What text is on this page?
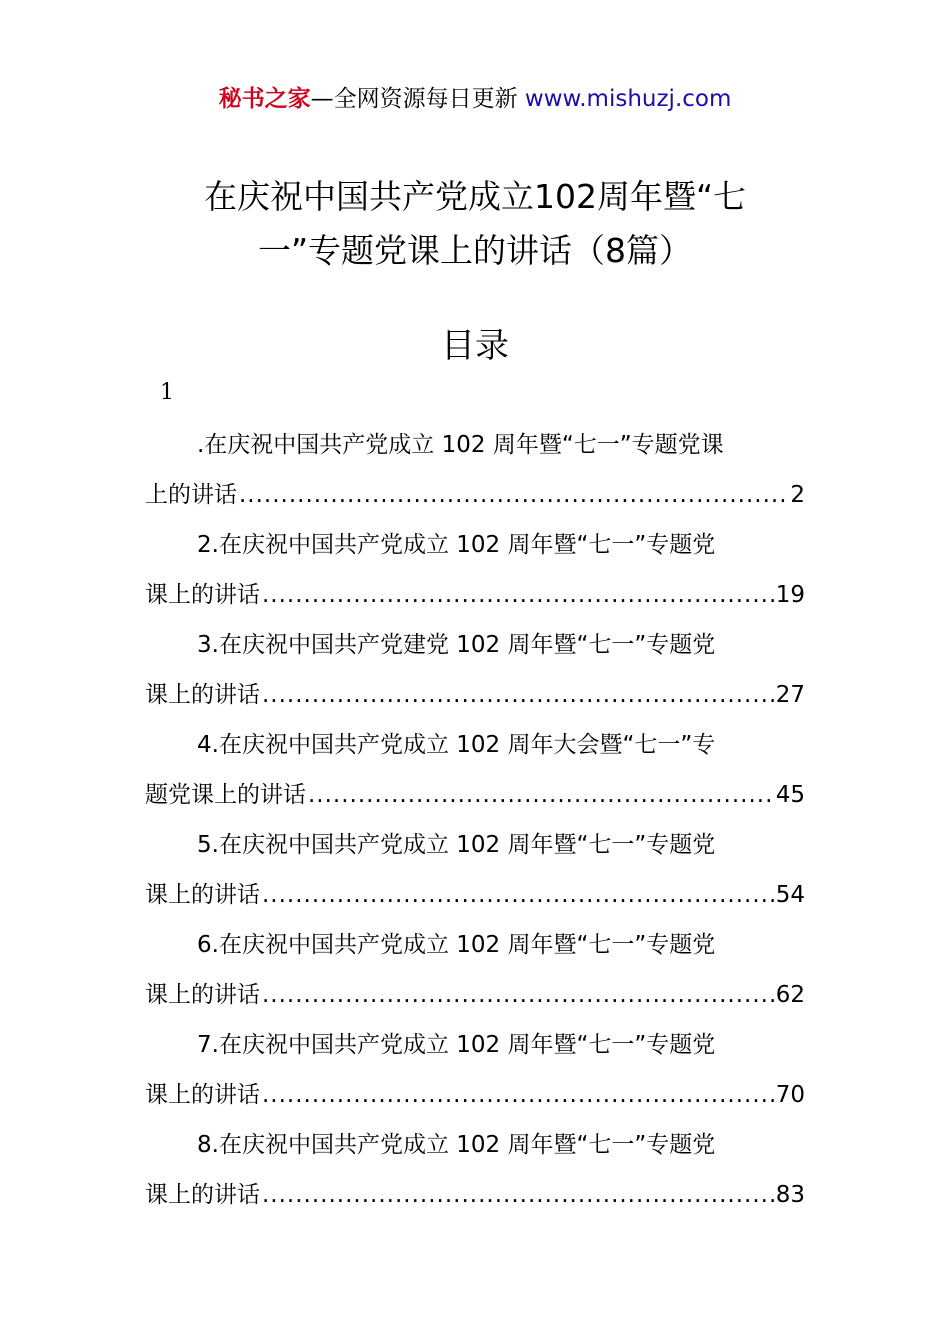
秘书之家—全网资源每日更新 www.mishuzj.com
在庆祝中国共产党成立102周年暨“七
一”专题党课上的讲话（8篇）
目录
1
.在庆祝中国共产党成立 102 周年暨“七一”专题党课
上的讲话 .....	2
2.在庆祝中国共产党成立 102 周年暨“七一”专题党
课上的讲话 .....	19
3.在庆祝中国共产党建党 102 周年暨“七一”专题党
课上的讲话 .....	27
4.在庆祝中国共产党成立 102 周年大会暨“七一”专
题党课上的讲话 .....	45
5.在庆祝中国共产党成立 102 周年暨“七一”专题党
课上的讲话 .....	54
6.在庆祝中国共产党成立 102 周年暨“七一”专题党
课上的讲话 .....	62
7.在庆祝中国共产党成立 102 周年暨“七一”专题党
课上的讲话 .....	70
8.在庆祝中国共产党成立 102 周年暨“七一”专题党
课上的讲话 .....	83
